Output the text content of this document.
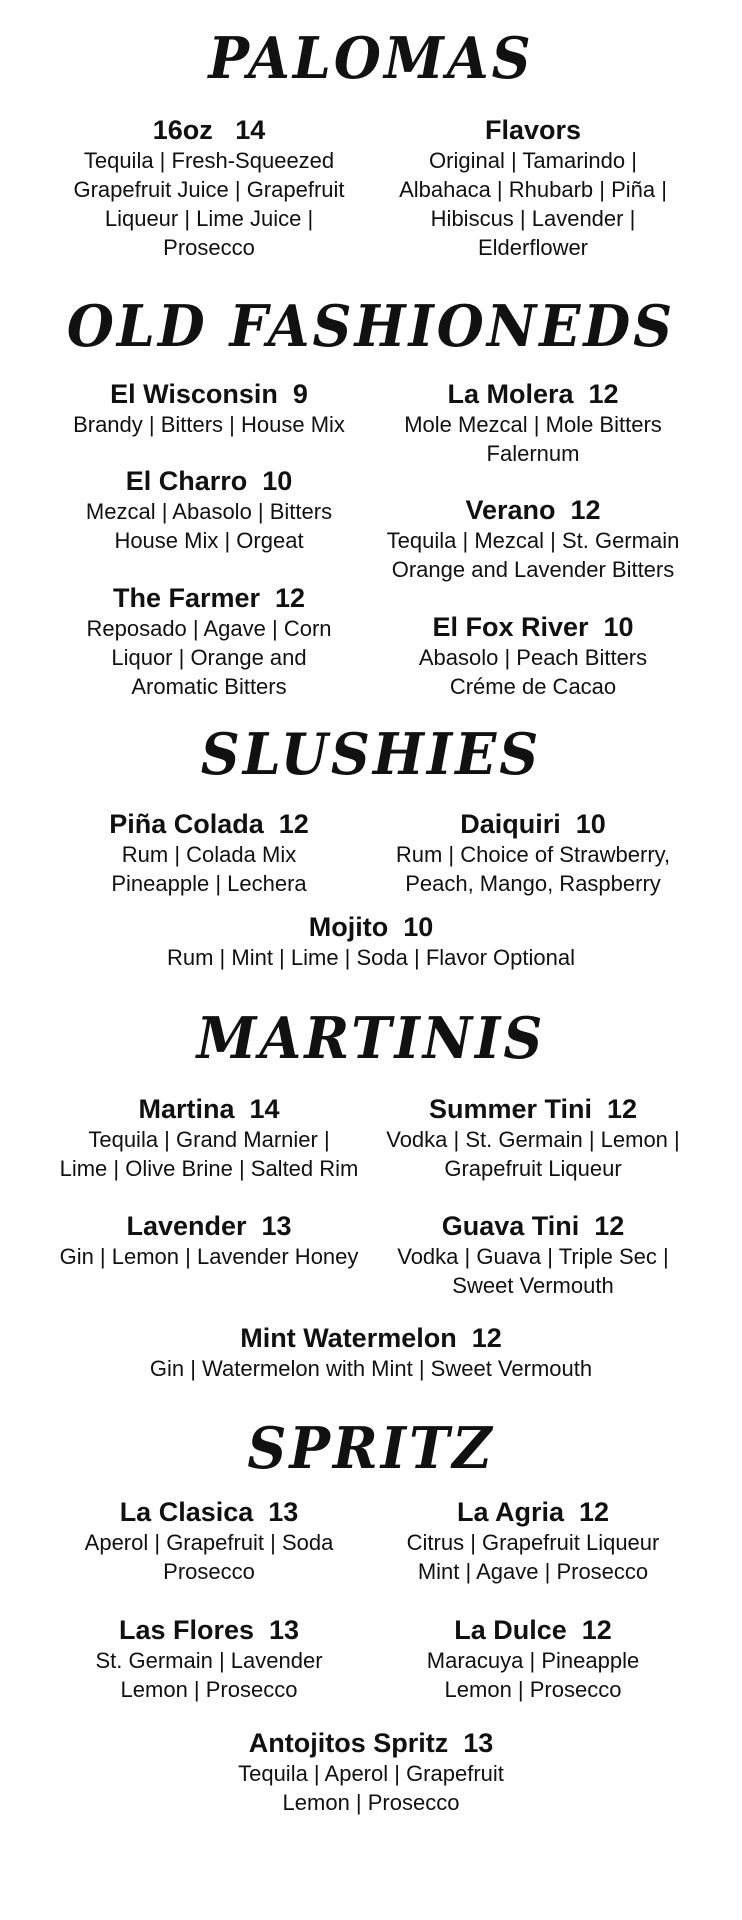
PALOMAS
16oz   14
Tequila | Fresh-Squeezed
Grapefruit Juice | Grapefruit
Liqueur | Lime Juice |
Prosecco
Flavors
Original | Tamarindo |
Albahaca | Rhubarb | Piña |
Hibiscus | Lavender |
Elderflower
OLD FASHIONEDS
El Wisconsin  9
Brandy | Bitters | House Mix
La Molera  12
Mole Mezcal | Mole Bitters
Falernum
El Charro  10
Mezcal | Abasolo | Bitters
House Mix | Orgeat
Verano  12
Tequila | Mezcal | St. Germain
Orange and Lavender Bitters
The Farmer  12
Reposado | Agave | Corn
Liquor | Orange and
Aromatic Bitters
El Fox River  10
Abasolo | Peach Bitters
Créme de Cacao
SLUSHIES
Piña Colada  12
Rum | Colada Mix
Pineapple | Lechera
Daiquiri  10
Rum | Choice of Strawberry,
Peach, Mango, Raspberry
Mojito  10
Rum | Mint | Lime | Soda | Flavor Optional
MARTINIS
Martina  14
Tequila | Grand Marnier |
Lime | Olive Brine | Salted Rim
Summer Tini  12
Vodka | St. Germain | Lemon |
Grapefruit Liqueur
Lavender  13
Gin | Lemon | Lavender Honey
Guava Tini  12
Vodka | Guava | Triple Sec |
Sweet Vermouth
Mint Watermelon  12
Gin | Watermelon with Mint | Sweet Vermouth
SPRITZ
La Clasica  13
Aperol | Grapefruit | Soda
Prosecco
La Agria  12
Citrus | Grapefruit Liqueur
Mint | Agave | Prosecco
Las Flores  13
St. Germain | Lavender
Lemon | Prosecco
La Dulce  12
Maracuya | Pineapple
Lemon | Prosecco
Antojitos Spritz  13
Tequila | Aperol | Grapefruit
Lemon | Prosecco
